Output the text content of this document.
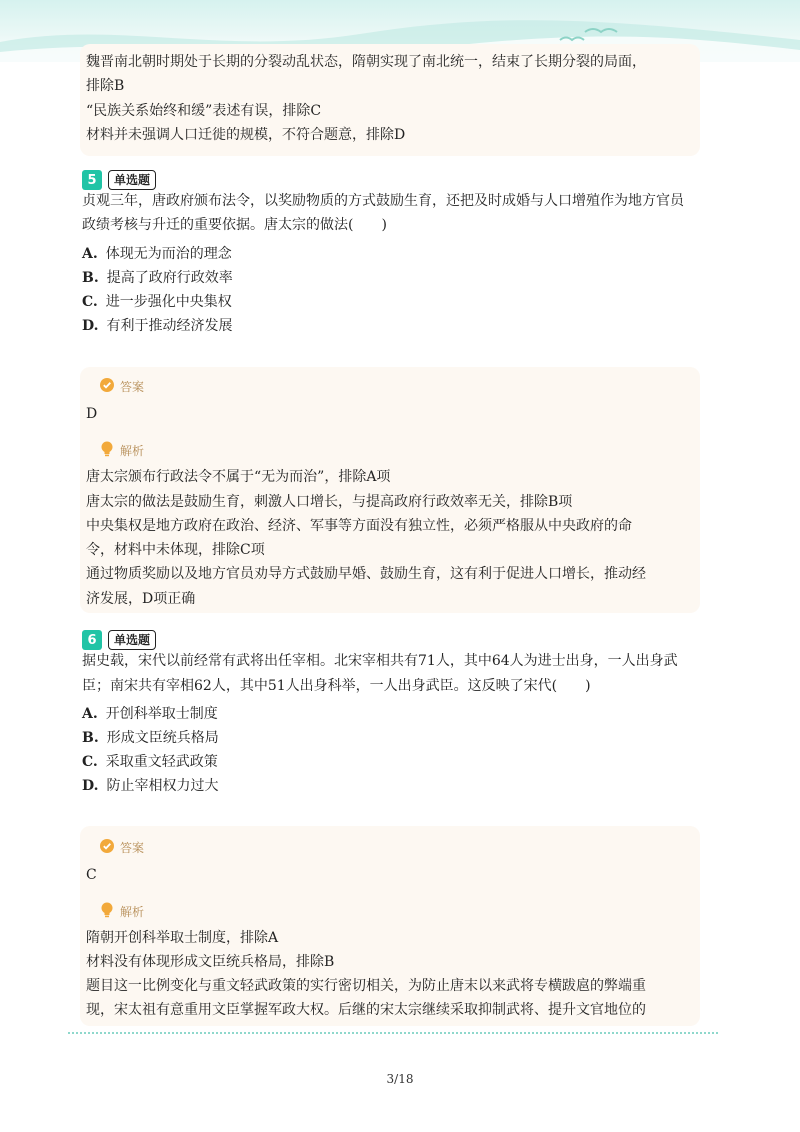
魏晋南北朝时期处于长期的分裂动乱状态，隋朝实现了南北统一，结束了长期分裂的局面，
排除B
“民族关系始终和缓”表述有误，排除C
材料并未强调人口迁徙的规模，不符合题意，排除D
5	单选题
贞观三年，唐政府颁布法令，以奖励物质的方式鼓励生育，还把及时成婚与人口增殖作为地方官员
政绩考核与升迁的重要依据。唐太宗的做法(　　)
A. 体现无为而治的理念
B. 提高了政府行政效率
C. 进一步强化中央集权
D. 有利于推动经济发展
答案
D
解析
唐太宗颁布行政法令不属于“无为而治”，排除A项
唐太宗的做法是鼓励生育，刺激人口增长，与提高政府行政效率无关，排除B项
中央集权是地方政府在政治、经济、军事等方面没有独立性，必须严格服从中央政府的命
令，材料中未体现，排除C项
通过物质奖励以及地方官员劝导方式鼓励早婚、鼓励生育，这有利于促进人口增长，推动经
济发展，D项正确
6	单选题
据史载，宋代以前经常有武将出任宰相。北宋宰相共有71人，其中64人为进士出身，一人出身武
臣；南宋共有宰相62人，其中51人出身科举，一人出身武臣。这反映了宋代(　　)
A. 开创科举取士制度
B. 形成文臣统兵格局
C. 采取重文轻武政策
D. 防止宰相权力过大
答案
C
解析
隋朝开创科举取士制度，排除A
材料没有体现形成文臣统兵格局，排除B
题目这一比例变化与重文轻武政策的实行密切相关，为防止唐末以来武将专横跋扈的弊端重
现，宋太祖有意重用文臣掌握军政大权。后继的宋太宗继续采取抑制武将、提升文官地位的
3/18
